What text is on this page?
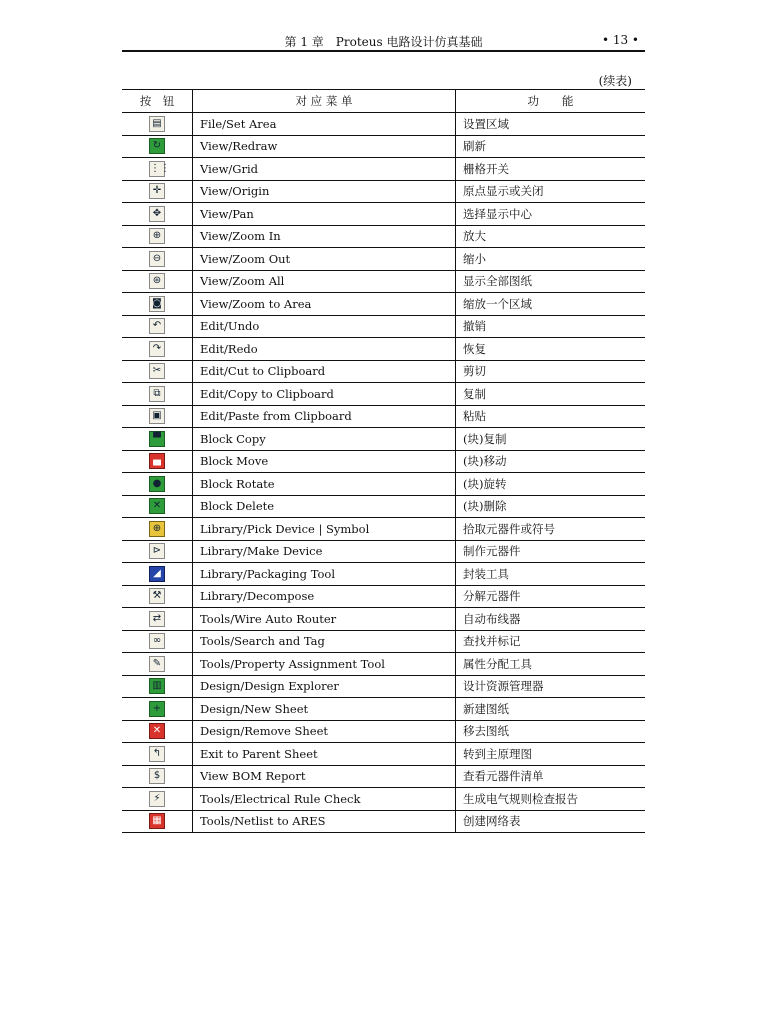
第 1 章　Proteus 电路设计仿真基础	• 13 •
(续表)
按　钮	对 应 菜 单	功　　能
▤	File/Set Area	设置区域
↻	View/Redraw	刷新
⋮⋮	View/Grid	栅格开关
✛	View/Origin	原点显示或关闭
✥	View/Pan	选择显示中心
⊕	View/Zoom In	放大
⊖	View/Zoom Out	缩小
⊛	View/Zoom All	显示全部图纸
◙	View/Zoom to Area	缩放一个区域
↶	Edit/Undo	撤销
↷	Edit/Redo	恢复
✂	Edit/Cut to Clipboard	剪切
⧉	Edit/Copy to Clipboard	复制
▣	Edit/Paste from Clipboard	粘贴
▀	Block Copy	(块)复制
▄	Block Move	(块)移动
●	Block Rotate	(块)旋转
✕	Block Delete	(块)删除
⊕	Library/Pick Device | Symbol	拾取元器件或符号
⊳	Library/Make Device	制作元器件
◢	Library/Packaging Tool	封装工具
⚒	Library/Decompose	分解元器件
⇄	Tools/Wire Auto Router	自动布线器
∞	Tools/Search and Tag	查找并标记
✎	Tools/Property Assignment Tool	属性分配工具
▥	Design/Design Explorer	设计资源管理器
+	Design/New Sheet	新建图纸
✕	Design/Remove Sheet	移去图纸
↰	Exit to Parent Sheet	转到主原理图
$	View BOM Report	查看元器件清单
⚡	Tools/Electrical Rule Check	生成电气规则检查报告
▦	Tools/Netlist to ARES	创建网络表
